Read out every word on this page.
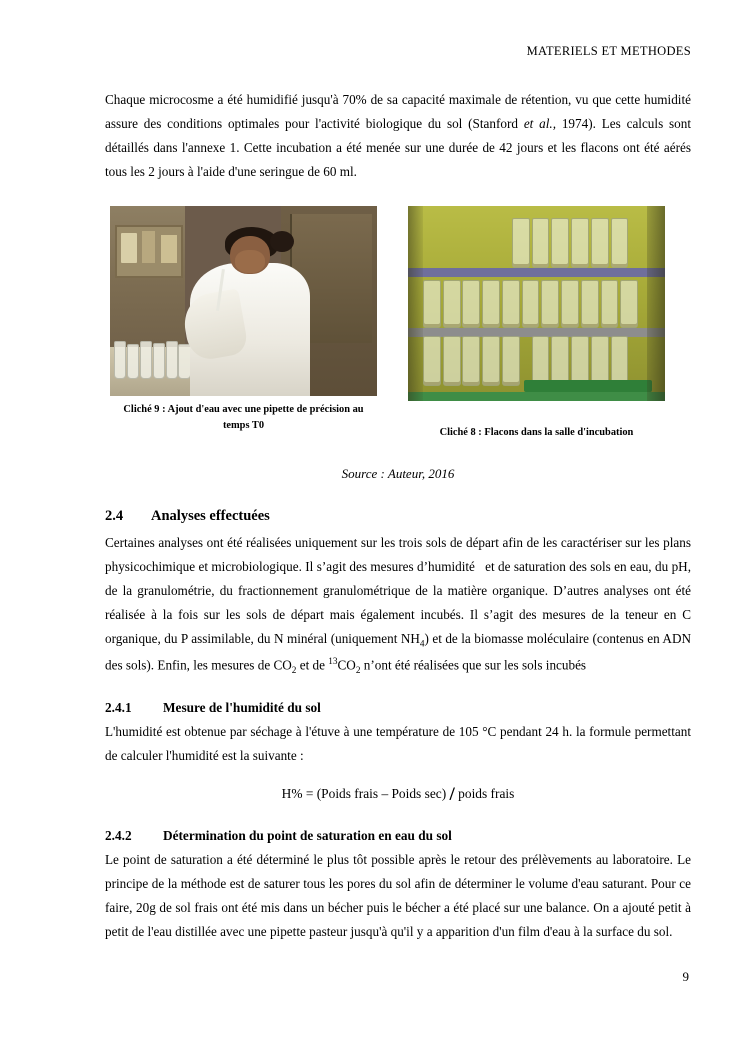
MATERIELS ET METHODES

Chaque microcosme a été humidifié jusqu'à 70% de sa capacité maximale de rétention, vu que cette humidité assure des conditions optimales pour l'activité biologique du sol (Stanford et al., 1974). Les calculs sont détaillés dans l'annexe 1. Cette incubation a été menée sur une durée de 42 jours et les flacons ont été aérés tous les 2 jours à l'aide d'une seringue de 60 ml.

Cliché 9 : Ajout d'eau avec une pipette de précision au
temps T0
Cliché 8 : Flacons dans la salle d'incubation
Source : Auteur, 2016
2.4	Analyses effectuées

Certaines analyses ont été réalisées uniquement sur les trois sols de départ afin de les caractériser sur les plans physicochimique et microbiologique. Il s’agit des mesures d’humidité   et de saturation des sols en eau, du pH, de la granulométrie, du fractionnement granulométrique de la matière organique. D’autres analyses ont été réalisée à la fois sur les sols de départ mais également incubés. Il s’agit des mesures de la teneur en C organique, du P assimilable, du N minéral (uniquement $NH_4$) et de la biomasse moléculaire (contenus en ADN des sols). Enfin, les mesures de $CO_2$ et de $^{13}CO_2$ n’ont été réalisées que sur les sols incubés

2.4.1	Mesure de l'humidité du sol

L'humidité est obtenue par séchage à l'étuve à une température de 105 °C pendant 24 h. la formule permettant de calculer l'humidité est la suivante :

H% = (Poids frais – Poids sec) / poids frais
2.4.2	Détermination du point de saturation en eau du sol

Le point de saturation a été déterminé le plus tôt possible après le retour des prélèvements au laboratoire. Le principe de la méthode est de saturer tous les pores du sol afin de déterminer le volume d'eau saturant. Pour ce faire, 20g de sol frais ont été mis dans un bécher puis le bécher a été placé sur une balance. On a ajouté petit à petit de l'eau distillée avec une pipette pasteur jusqu'à qu'il y a apparition d'un film d'eau à la surface du sol.

9
